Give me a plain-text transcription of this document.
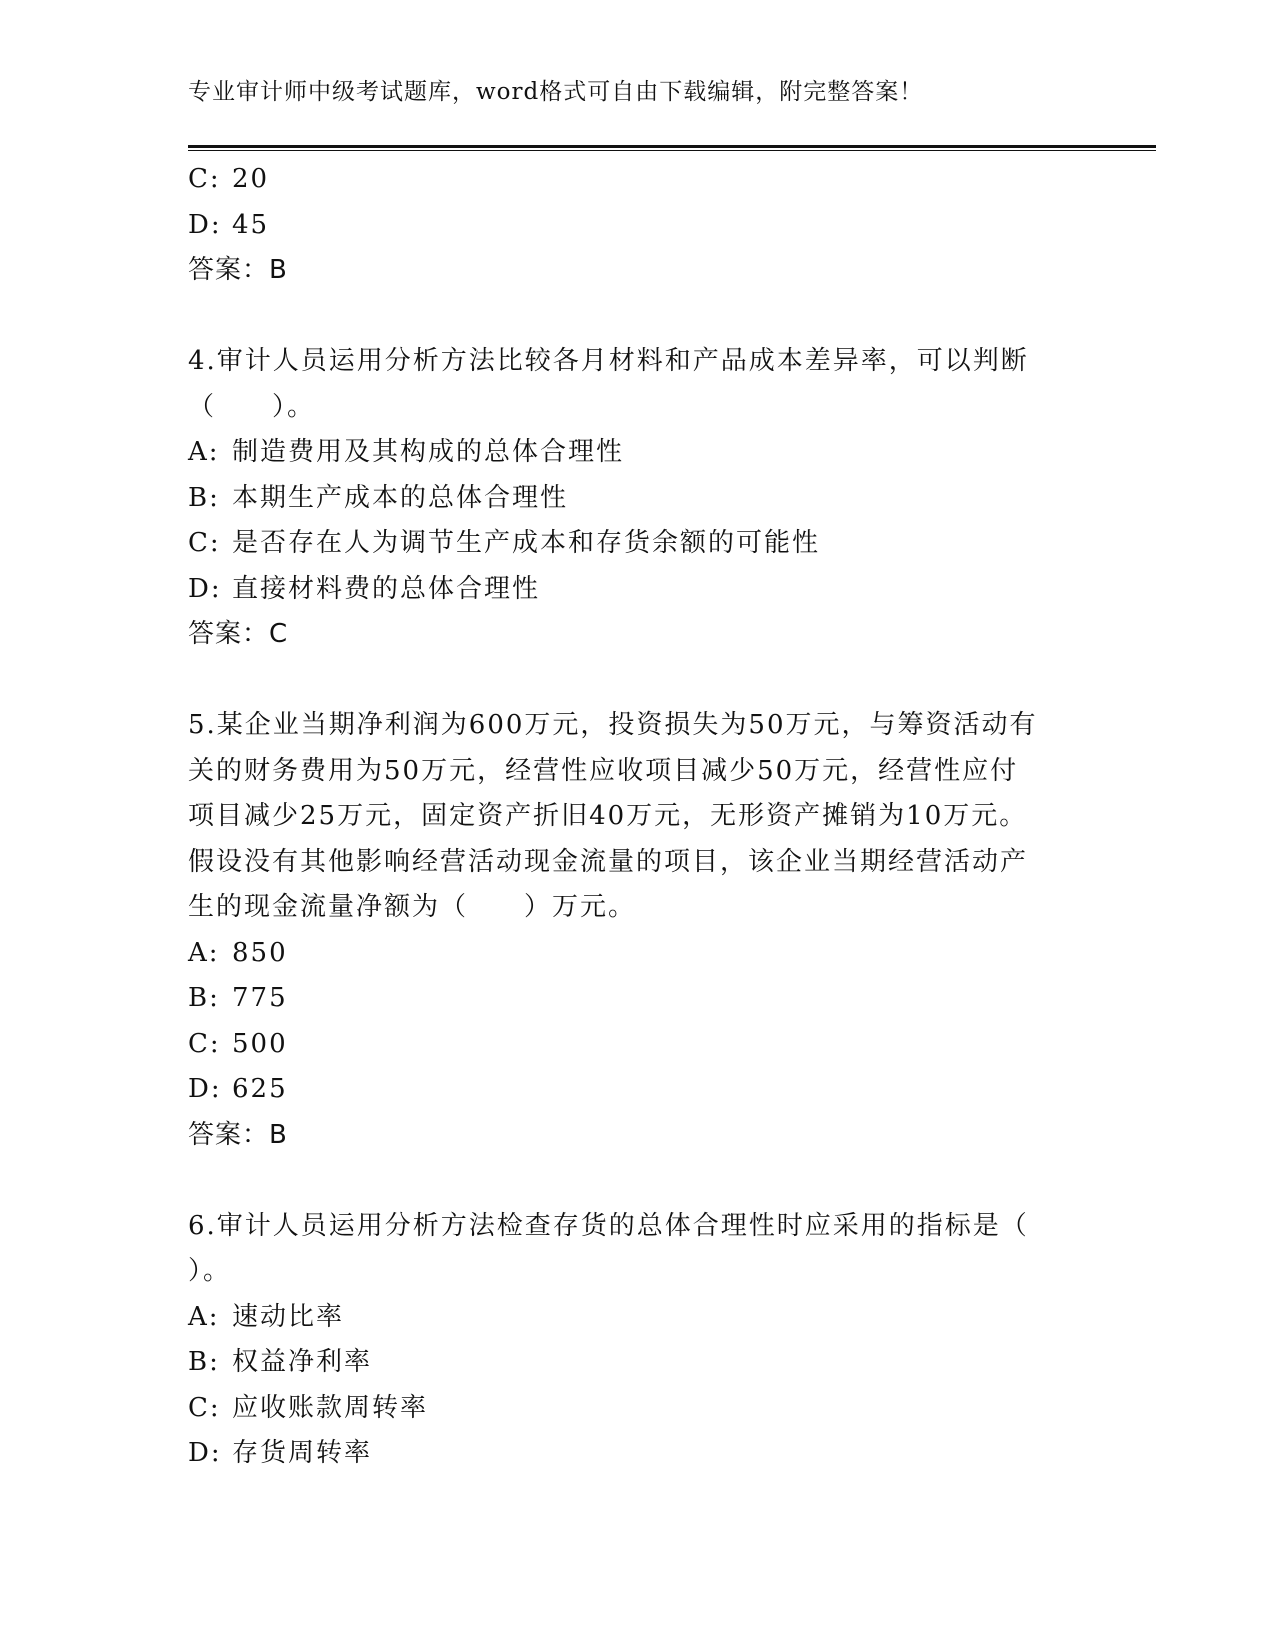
专业审计师中级考试题库，word格式可自由下载编辑，附完整答案！
C: 20
D: 45
答案：B
4.审计人员运用分析方法比较各月材料和产品成本差异率，可以判断
（　　）。
A: 制造费用及其构成的总体合理性
B: 本期生产成本的总体合理性
C: 是否存在人为调节生产成本和存货余额的可能性
D: 直接材料费的总体合理性
答案：C
5.某企业当期净利润为600万元，投资损失为50万元，与筹资活动有
关的财务费用为50万元，经营性应收项目减少50万元，经营性应付
项目减少25万元，固定资产折旧40万元，无形资产摊销为10万元。
假设没有其他影响经营活动现金流量的项目，该企业当期经营活动产
生的现金流量净额为（　　）万元。
A: 850
B: 775
C: 500
D: 625
答案：B
6.审计人员运用分析方法检查存货的总体合理性时应采用的指标是（
）。
A: 速动比率
B: 权益净利率
C: 应收账款周转率
D: 存货周转率
